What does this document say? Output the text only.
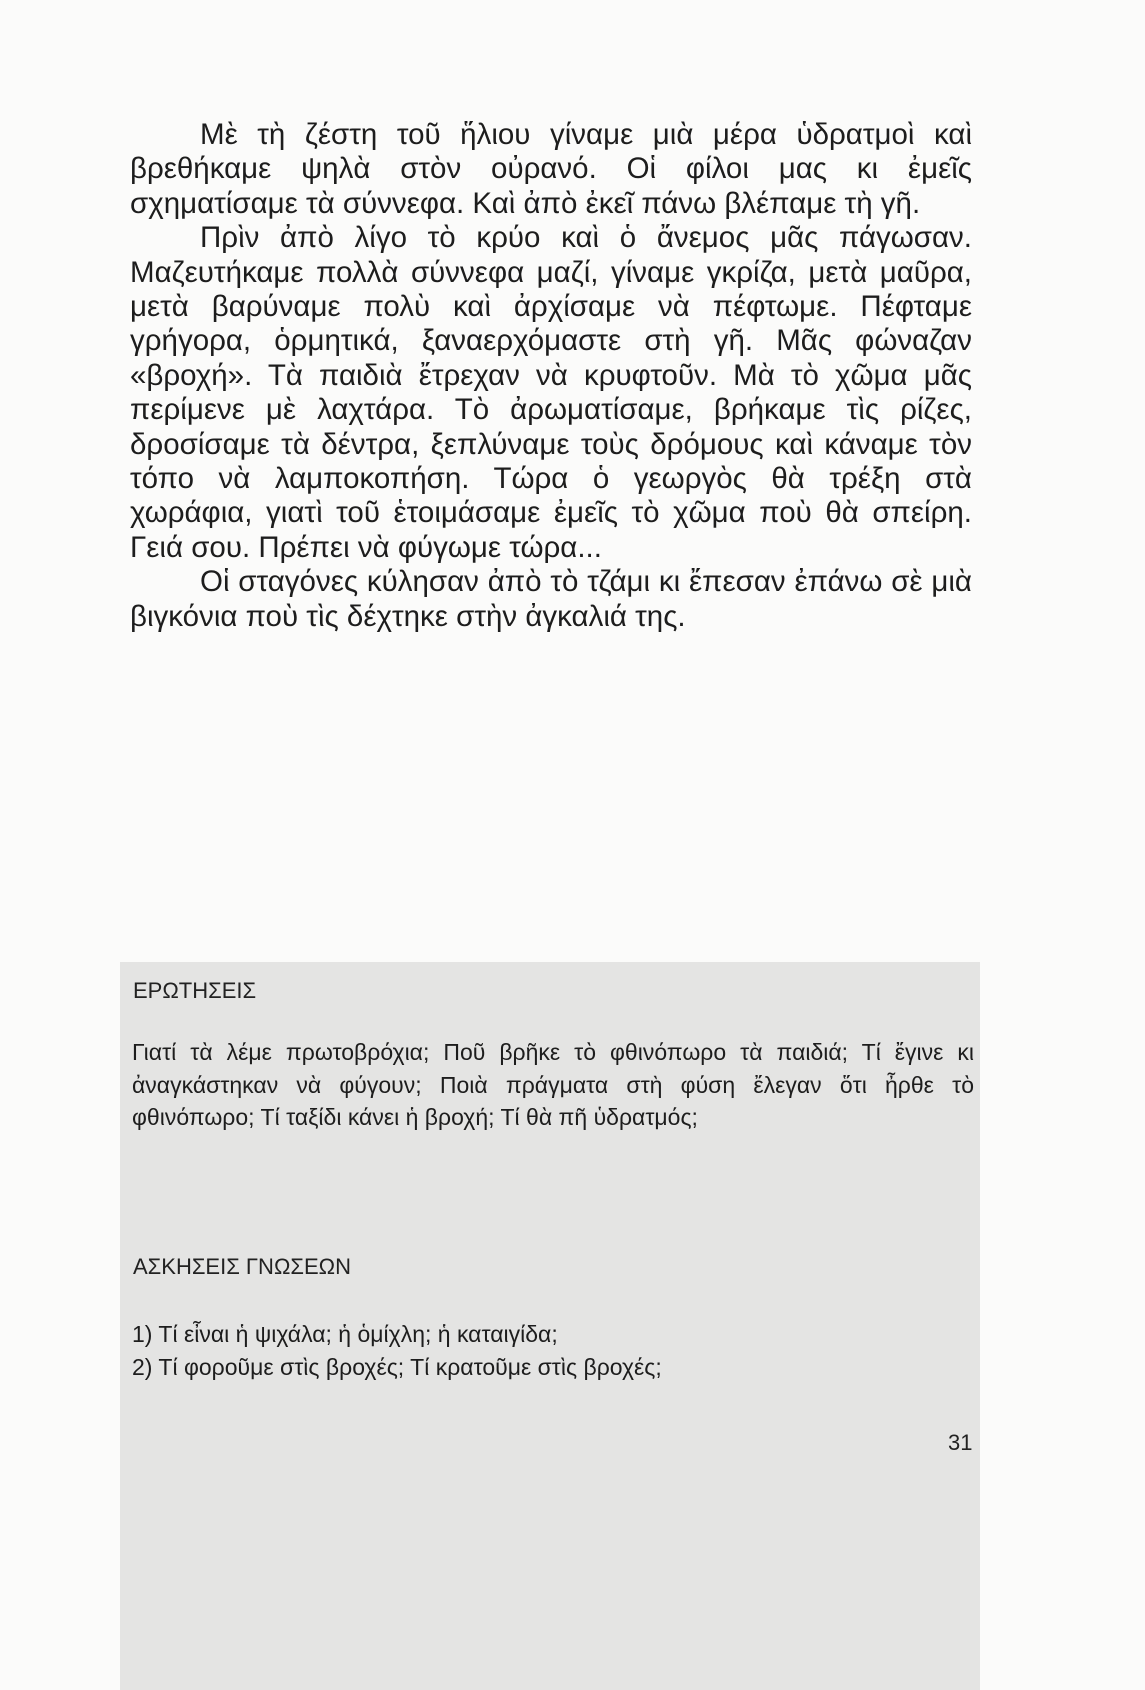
Μὲ τὴ ζέστη τοῦ ἥλιου γίναμε μιὰ μέρα ὑδρατμοὶ καὶ βρεθήκαμε ψηλὰ στὸν οὐρανό. Οἱ φίλοι μας κι ἐμεῖς σχηματίσαμε τὰ σύννεφα. Καὶ ἀπὸ ἐκεῖ πάνω βλέπαμε τὴ γῆ.

Πρὶν ἀπὸ λίγο τὸ κρύο καὶ ὁ ἄνεμος μᾶς πάγωσαν. Μαζευτήκαμε πολλὰ σύννεφα μαζί, γίναμε γκρίζα, μετὰ μαῦρα, μετὰ βαρύναμε πολὺ καὶ ἀρχίσαμε νὰ πέφτωμε. Πέφταμε γρήγορα, ὁρμητικά, ξαναερχόμαστε στὴ γῆ. Μᾶς φώναζαν «βροχή». Τὰ παιδιὰ ἔτρεχαν νὰ κρυφτοῦν. Μὰ τὸ χῶμα μᾶς περίμενε μὲ λαχτάρα. Τὸ ἀρωματίσαμε, βρήκαμε τὶς ρίζες, δροσίσαμε τὰ δέντρα, ξεπλύναμε τοὺς δρόμους καὶ κάναμε τὸν τόπο νὰ λαμποκοπήση. Τώρα ὁ γεωργὸς θὰ τρέξη στὰ χωράφια, γιατὶ τοῦ ἑτοιμάσαμε ἐμεῖς τὸ χῶμα ποὺ θὰ σπείρη. Γειά σου. Πρέπει νὰ φύγωμε τώρα...

Οἱ σταγόνες κύλησαν ἀπὸ τὸ τζάμι κι ἔπεσαν ἐπάνω σὲ μιὰ βιγκόνια ποὺ τὶς δέχτηκε στὴν ἀγκαλιά της.

ΕΡΩΤΗΣΕΙΣ
Γιατί τὰ λέμε πρωτοβρόχια; Ποῦ βρῆκε τὸ φθινόπωρο τὰ παιδιά; Τί ἔγινε κι ἀναγκάστηκαν νὰ φύγουν; Ποιὰ πράγματα στὴ φύση ἔλεγαν ὅτι ἦρθε τὸ φθινόπωρο; Τί ταξίδι κάνει ἡ βροχή; Τί θὰ πῆ ὑδρατμός;
ΑΣΚΗΣΕΙΣ ΓΝΩΣΕΩΝ
1) Τί εἶναι ἡ ψιχάλα; ἡ ὁμίχλη; ἡ καταιγίδα;
2) Τί φοροῦμε στὶς βροχές; Τί κρατοῦμε στὶς βροχές;
31
